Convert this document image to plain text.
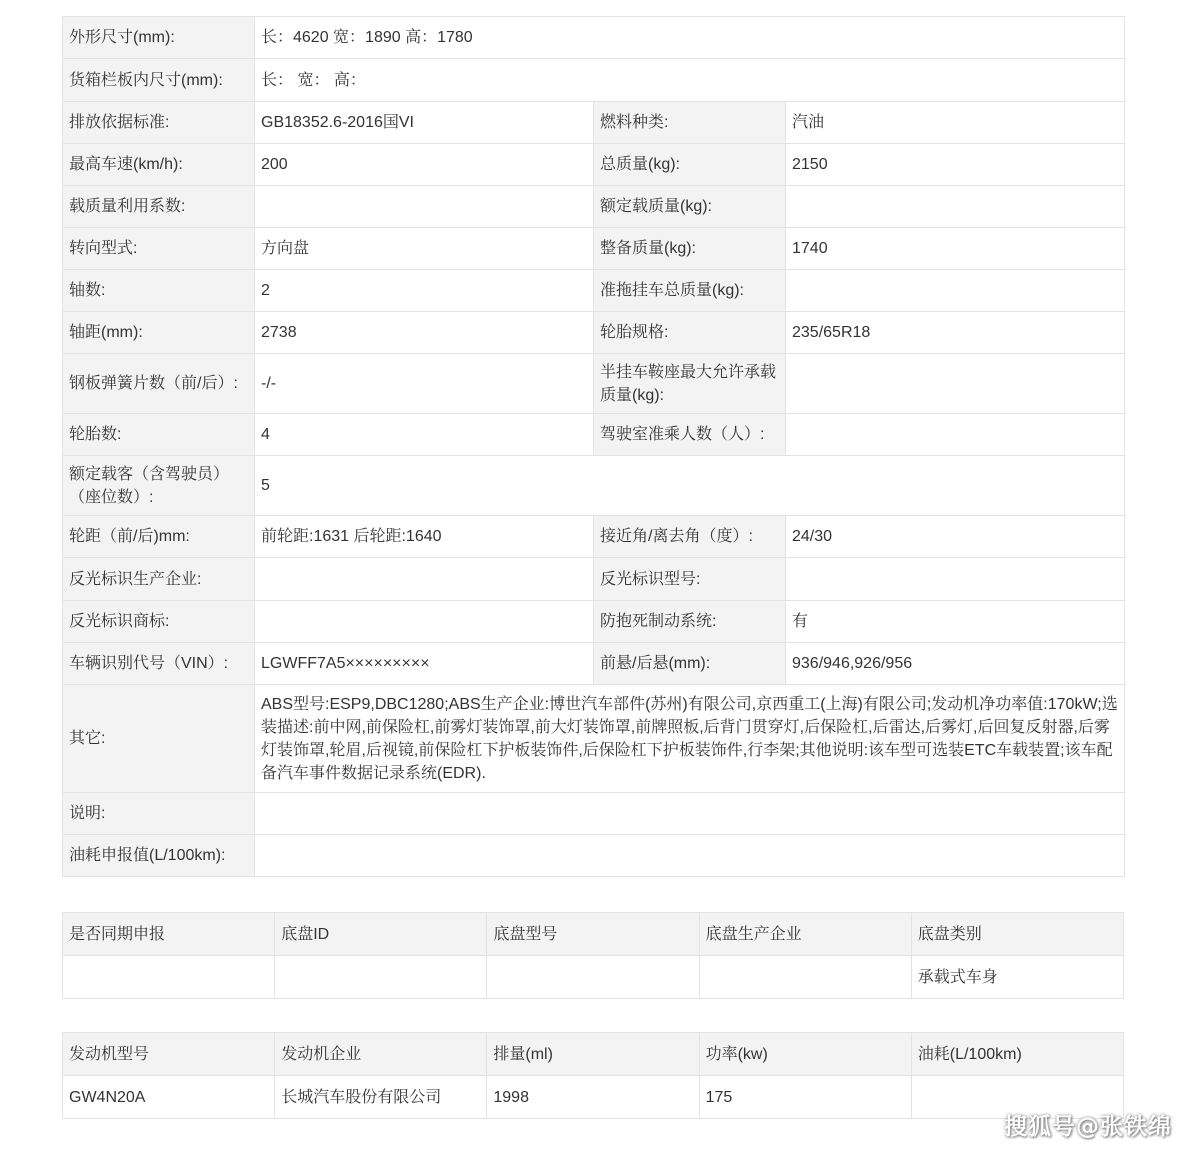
外形尺寸(mm):	长：4620 宽：1890 高：1780		
货箱栏板内尺寸(mm):	长： 宽： 高：		
排放依据标准:	GB18352.6-2016国VI	燃料种类:	汽油
最高车速(km/h):	200	总质量(kg):	2150
载质量利用系数:		额定载质量(kg):	
转向型式:	方向盘	整备质量(kg):	1740
轴数:	2	准拖挂车总质量(kg):	
轴距(mm):	2738	轮胎规格:	235/65R18
钢板弹簧片数（前/后）:	-/-	半挂车鞍座最大允许承载质量(kg):	
轮胎数:	4	驾驶室准乘人数（人）:	
额定载客（含驾驶员）（座位数）:	5		
轮距（前/后)mm:	前轮距:1631 后轮距:1640	接近角/离去角（度）:	24/30
反光标识生产企业:		反光标识型号:	
反光标识商标:		防抱死制动系统:	有
车辆识别代号（VIN）:	LGWFF7A5×××××××××	前悬/后悬(mm):	936/946,926/956
其它:	ABS型号:ESP9,DBC1280;ABS生产企业:博世汽车部件(苏州)有限公司,京西重工(上海)有限公司;发动机净功率值:170kW;选装描述:前中网,前保险杠,前雾灯装饰罩,前大灯装饰罩,前牌照板,后背门贯穿灯,后保险杠,后雷达,后雾灯,后回复反射器,后雾灯装饰罩,轮眉,后视镜,前保险杠下护板装饰件,后保险杠下护板装饰件,行李架;其他说明:该车型可选装ETC车载装置;该车配备汽车事件数据记录系统(EDR).		
说明:			
油耗申报值(L/100km):			
是否同期申报	底盘ID	底盘型号	底盘生产企业	底盘类别
				承载式车身
发动机型号	发动机企业	排量(ml)	功率(kw)	油耗(L/100km)
GW4N20A	长城汽车股份有限公司	1998	175	
搜狐号@张铁绵
